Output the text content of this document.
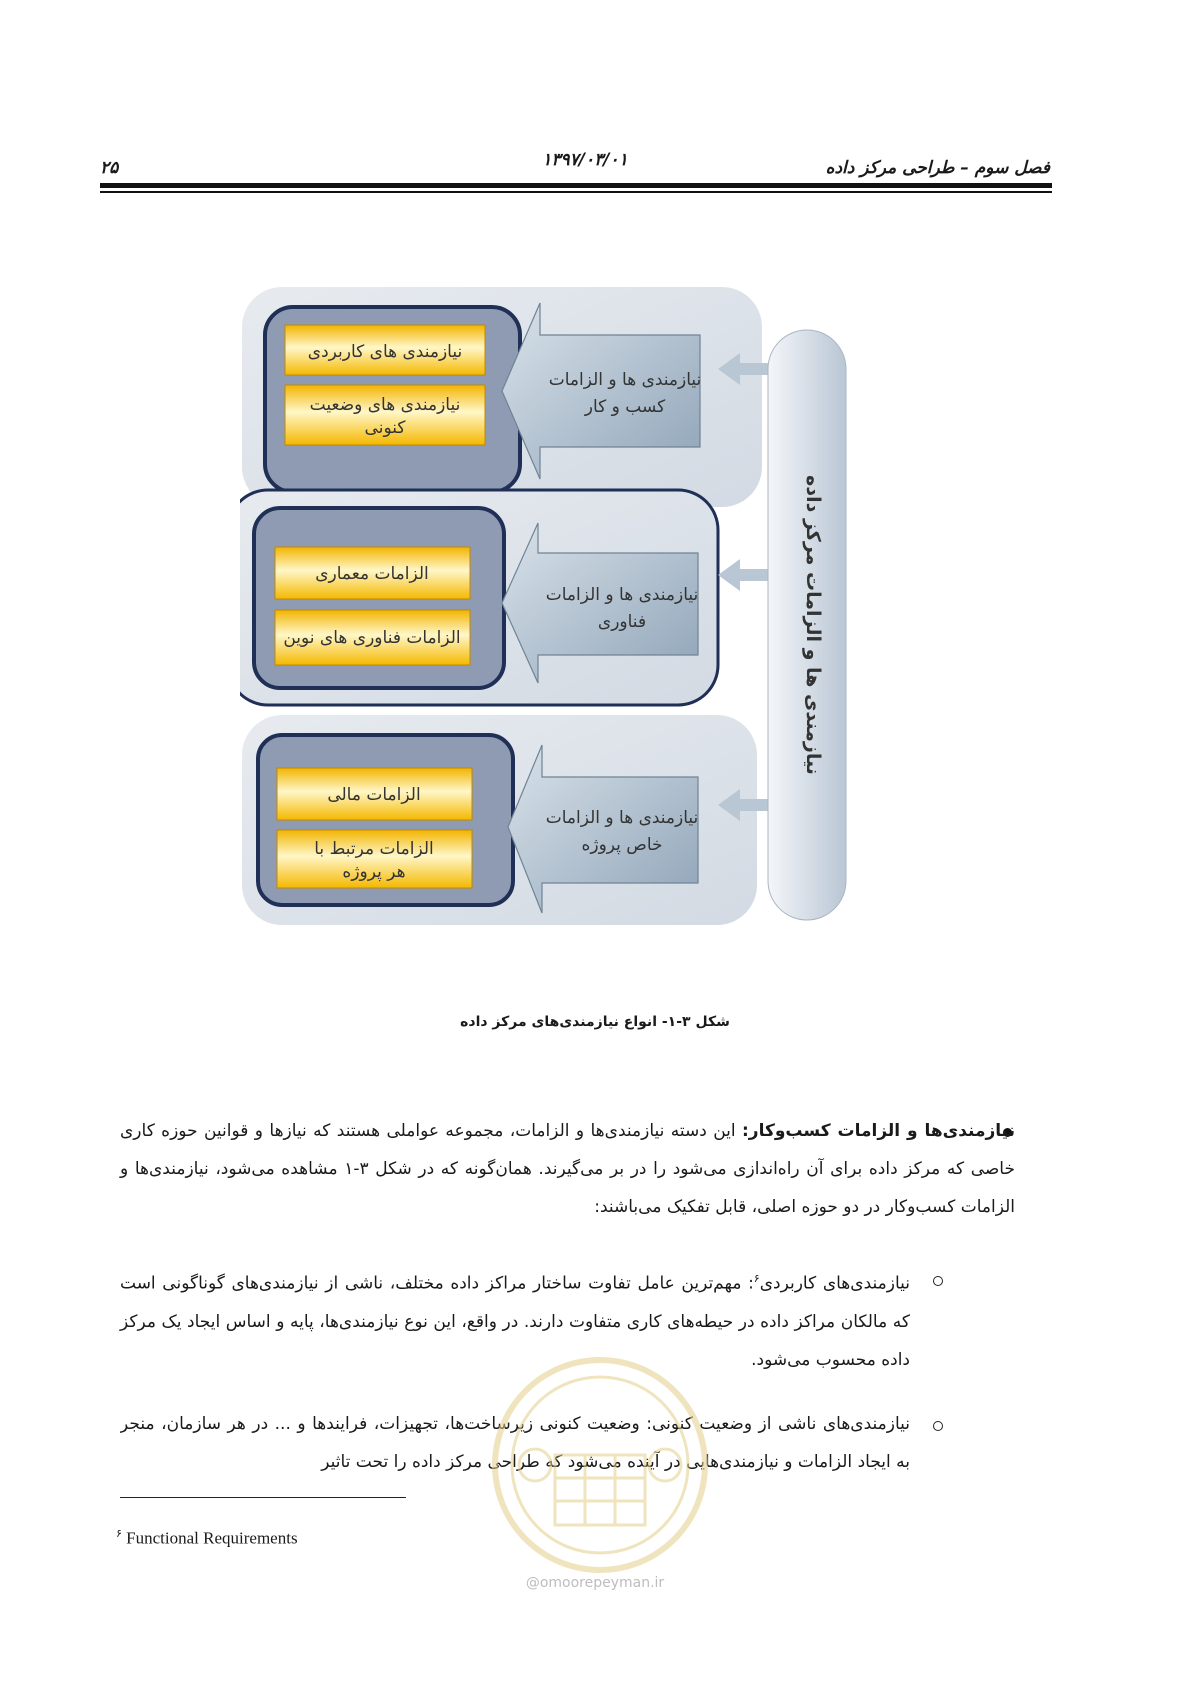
فصل سوم – طراحی مرکز داده
۱۳۹۷/۰۳/۰۱
۲۵
نیازمندی های کاربردی
نیازمندی های وضعیت
کنونی
نیازمندی ها و الزامات
کسب و کار
الزامات معماری
الزامات فناوری های نوین
نیازمندی ها و الزامات
فناوری
الزامات مالی
الزامات مرتبط با
هر پروژه
نیازمندی ها و الزامات
خاص پروژه
نیازمندی ها و الزامات مرکز داده
شکل ۳-۱- انواع نیازمندی‌های مرکز داده
نیازمندی‌ها و الزامات کسب‌وکار: این دسته نیازمندی‌ها و الزامات، مجموعه عواملی هستند که نیازها و قوانین حوزه کاری خاصی که مرکز داده برای آن راه‌اندازی می‌شود را در بر می‌گیرند. همان‌گونه که در شکل ۳-۱ مشاهده می‌شود، نیازمندی‌ها و الزامات کسب‌وکار در دو حوزه اصلی، قابل تفکیک می‌باشند:
نیازمندی‌های کاربردی$^۶$: مهم‌ترین عامل تفاوت ساختار مراکز داده مختلف، ناشی از نیازمندی‌های گوناگونی است که مالکان مراکز داده در حیطه‌های کاری متفاوت دارند. در واقع، این نوع نیازمندی‌ها، پایه و اساس ایجاد یک مرکز داده محسوب می‌شود.
نیازمندی‌های ناشی از وضعیت کنونی: وضعیت کنونی زیرساخت‌ها، تجهیزات، فرایندها و ... در هر سازمان، منجر به ایجاد الزامات و نیازمندی‌هایی در آینده می‌شود که طراحی مرکز داده را تحت تاثیر
$^۶$ Functional Requirements
@omoorepeyman.ir
